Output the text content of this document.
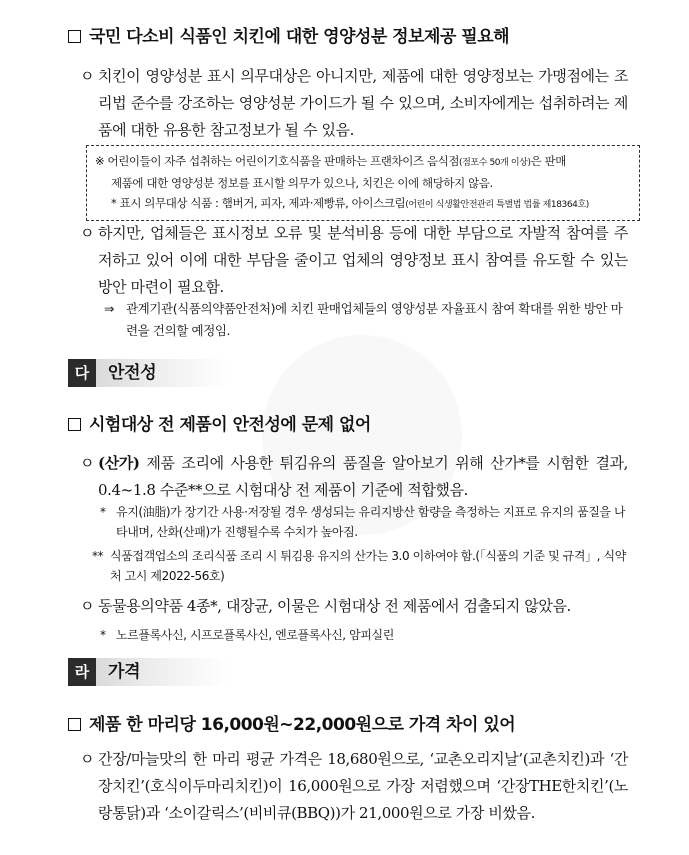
국민 다소비 식품인 치킨에 대한 영양성분 정보제공 필요해
ㅇ 치킨이 영양성분 표시 의무대상은 아니지만, 제품에 대한 영양정보는 가맹점에는 조리법 준수를 강조하는 영양성분 가이드가 될 수 있으며, 소비자에게는 섭취하려는 제품에 대한 유용한 참고정보가 될 수 있음.
※ 어린이들이 자주 섭취하는 어린이기호식품을 판매하는 프랜차이즈 음식점(점포수 50개 이상)은 판매
제품에 대한 영양성분 정보를 표시할 의무가 있으나, 치킨은 이에 해당하지 않음.
* 표시 의무대상 식품 : 햄버거, 피자, 제과·제빵류, 아이스크림(어린이 식생활안전관리 특별법 법률 제18364호)
ㅇ 하지만, 업체들은 표시정보 오류 및 분석비용 등에 대한 부담으로 자발적 참여를 주저하고 있어 이에 대한 부담을 줄이고 업체의 영양정보 표시 참여를 유도할 수 있는 방안 마련이 필요함.
⇒ 관계기관(식품의약품안전처)에 치킨 판매업체들의 영양성분 자율표시 참여 확대를 위한 방안 마련을 건의할 예정임.
다	안전성
시험대상 전 제품이 안전성에 문제 없어
ㅇ (산가) 제품 조리에 사용한 튀김유의 품질을 알아보기 위해 산가*를 시험한 결과, 0.4~1.8 수준**으로 시험대상 전 제품이 기준에 적합했음.
* 유지(油脂)가 장기간 사용·저장될 경우 생성되는 유리지방산 함량을 측정하는 지표로 유지의 품질을 나타내며, 산화(산패)가 진행될수록 수치가 높아짐.
** 식품접객업소의 조리식품 조리 시 튀김용 유지의 산가는 3.0 이하여야 함.(「식품의 기준 및 규격」, 식약처 고시 제2022-56호)
ㅇ 동물용의약품 4종*, 대장균, 이물은 시험대상 전 제품에서 검출되지 않았음.
* 노르플록사신, 시프로플록사신, 엔로플록사신, 암피실린
라	가격
제품 한 마리당 16,000원~22,000원으로 가격 차이 있어
ㅇ 간장/마늘맛의 한 마리 평균 가격은 18,680원으로, ‘교촌오리지날’(교촌치킨)과 ‘간장치킨’(호식이두마리치킨)이 16,000원으로 가장 저렴했으며 ‘간장THE한치킨’(노랑통닭)과 ‘소이갈릭스’(비비큐(BBQ))가 21,000원으로 가장 비쌌음.
